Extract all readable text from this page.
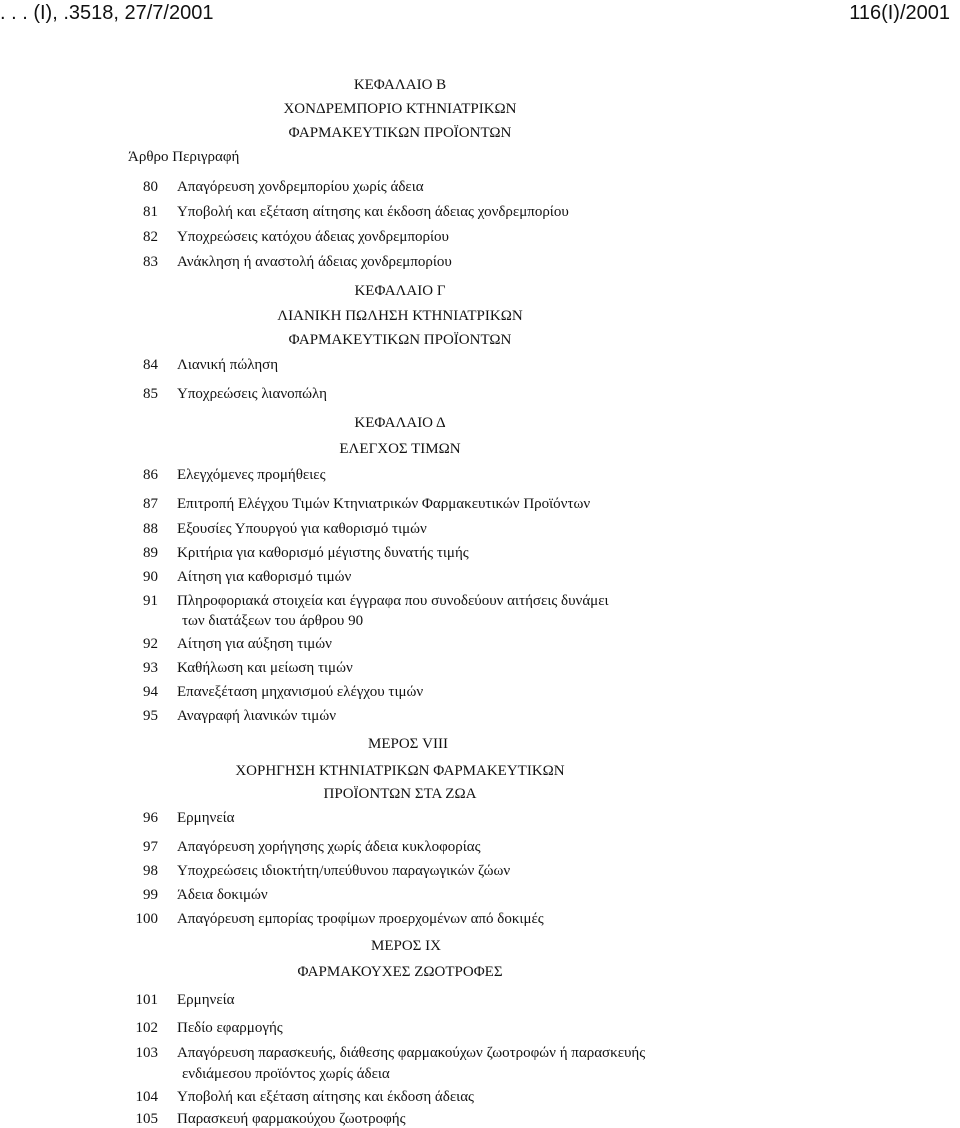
. . . (Ι), .3518, 27/7/2001	116(Ι)/2001
ΚΕΦΑΛΑΙΟ Β
ΧΟΝΔΡΕΜΠΟΡΙΟ ΚΤΗΝΙΑΤΡΙΚΩΝ
ΦΑΡΜΑΚΕΥΤΙΚΩΝ ΠΡΟΪΟΝΤΩΝ
Άρθρο Περιγραφή
80 Απαγόρευση χονδρεμπορίου χωρίς άδεια
81 Υποβολή και εξέταση αίτησης και έκδοση άδειας χονδρεμπορίου
82 Υποχρεώσεις κατόχου άδειας χονδρεμπορίου
83 Ανάκληση ή αναστολή άδειας χονδρεμπορίου
ΚΕΦΑΛΑΙΟ Γ
ΛΙΑΝΙΚΗ ΠΩΛΗΣΗ ΚΤΗΝΙΑΤΡΙΚΩΝ
ΦΑΡΜΑΚΕΥΤΙΚΩΝ ΠΡΟΪΟΝΤΩΝ
84 Λιανική πώληση
85 Υποχρεώσεις λιανοπώλη
ΚΕΦΑΛΑΙΟ Δ
ΕΛΕΓΧΟΣ ΤΙΜΩΝ
86 Ελεγχόμενες προμήθειες
87 Επιτροπή Ελέγχου Τιμών Κτηνιατρικών Φαρμακευτικών Προϊόντων
88 Εξουσίες Υπουργού για καθορισμό τιμών
89 Κριτήρια για καθορισμό μέγιστης δυνατής τιμής
90 Αίτηση για καθορισμό τιμών
91 Πληροφοριακά στοιχεία και έγγραφα που συνοδεύουν αιτήσεις δυνάμει
των διατάξεων του άρθρου 90
92 Αίτηση για αύξηση τιμών
93 Καθήλωση και μείωση τιμών
94 Επανεξέταση μηχανισμού ελέγχου τιμών
95 Αναγραφή λιανικών τιμών
ΜΕΡΟΣ VIII
ΧΟΡΗΓΗΣΗ ΚΤΗΝΙΑΤΡΙΚΩΝ ΦΑΡΜΑΚΕΥΤΙΚΩΝ
ΠΡΟΪΟΝΤΩΝ ΣΤΑ ΖΩΑ
96 Ερμηνεία
97 Απαγόρευση χορήγησης χωρίς άδεια κυκλοφορίας
98 Υποχρεώσεις ιδιοκτήτη/υπεύθυνου παραγωγικών ζώων
99 Άδεια δοκιμών
100 Απαγόρευση εμπορίας τροφίμων προερχομένων από δοκιμές
ΜΕΡΟΣ IX
ΦΑΡΜΑΚΟΥΧΕΣ ΖΩΟΤΡΟΦΕΣ
101 Ερμηνεία
102 Πεδίο εφαρμογής
103 Απαγόρευση παρασκευής, διάθεσης φαρμακούχων ζωοτροφών ή παρασκευής
ενδιάμεσου προϊόντος χωρίς άδεια
104 Υποβολή και εξέταση αίτησης και έκδοση άδειας
105 Παρασκευή φαρμακούχου ζωοτροφής
